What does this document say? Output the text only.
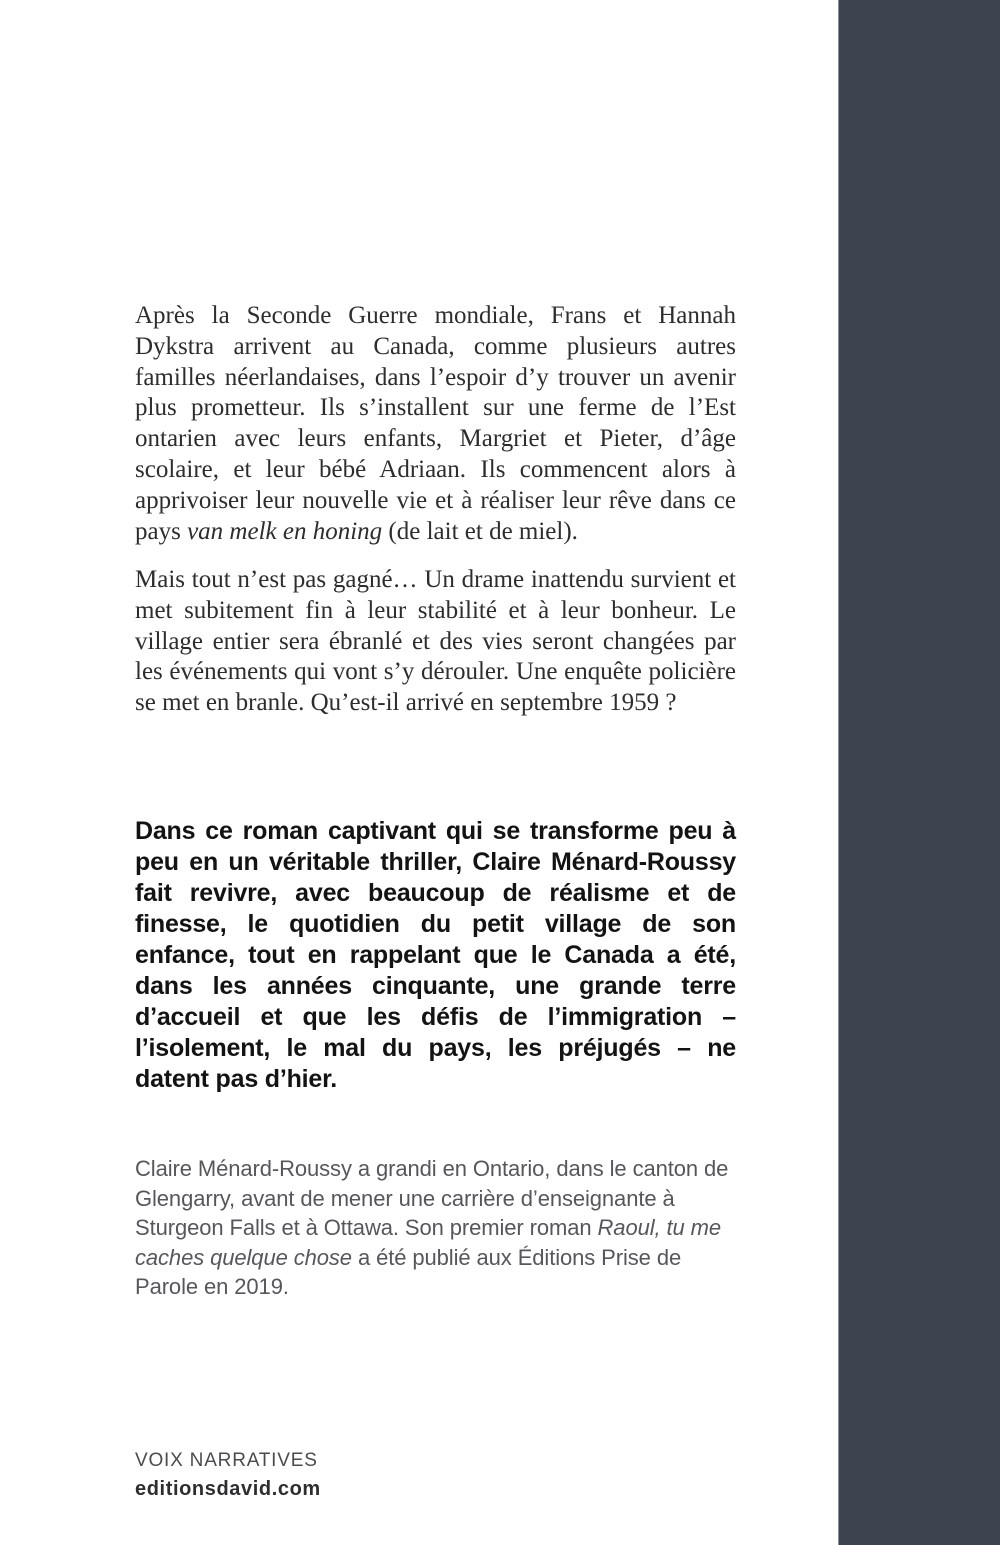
Après la Seconde Guerre mondiale, Frans et Hannah Dykstra arrivent au Canada, comme plusieurs autres familles néerlandaises, dans l’espoir d’y trouver un avenir plus prometteur. Ils s’installent sur une ferme de l’Est ontarien avec leurs enfants, Margriet et Pieter, d’âge scolaire, et leur bébé Adriaan. Ils commencent alors à apprivoiser leur nouvelle vie et à réaliser leur rêve dans ce pays van melk en honing (de lait et de miel).

Mais tout n’est pas gagné… Un drame inattendu survient et met subitement fin à leur stabilité et à leur bonheur. Le village entier sera ébranlé et des vies seront changées par les événements qui vont s’y dérouler. Une enquête policière se met en branle. Qu’est-il arrivé en septembre 1959 ?

Dans ce roman captivant qui se transforme peu à peu en un véritable thriller, Claire Ménard-Roussy fait revivre, avec beaucoup de réalisme et de finesse, le quotidien du petit village de son enfance, tout en rappelant que le Canada a été, dans les années cinquante, une grande terre d’accueil et que les défis de l’immigration – l’isolement, le mal du pays, les préjugés – ne datent pas d’hier.

Claire Ménard-Roussy a grandi en Ontario, dans le canton de Glengarry, avant de mener une carrière d’enseignante à Sturgeon Falls et à Ottawa. Son premier roman Raoul, tu me caches quelque chose a été publié aux Éditions Prise de Parole en 2019.

VOIX NARRATIVES
editionsdavid.com
